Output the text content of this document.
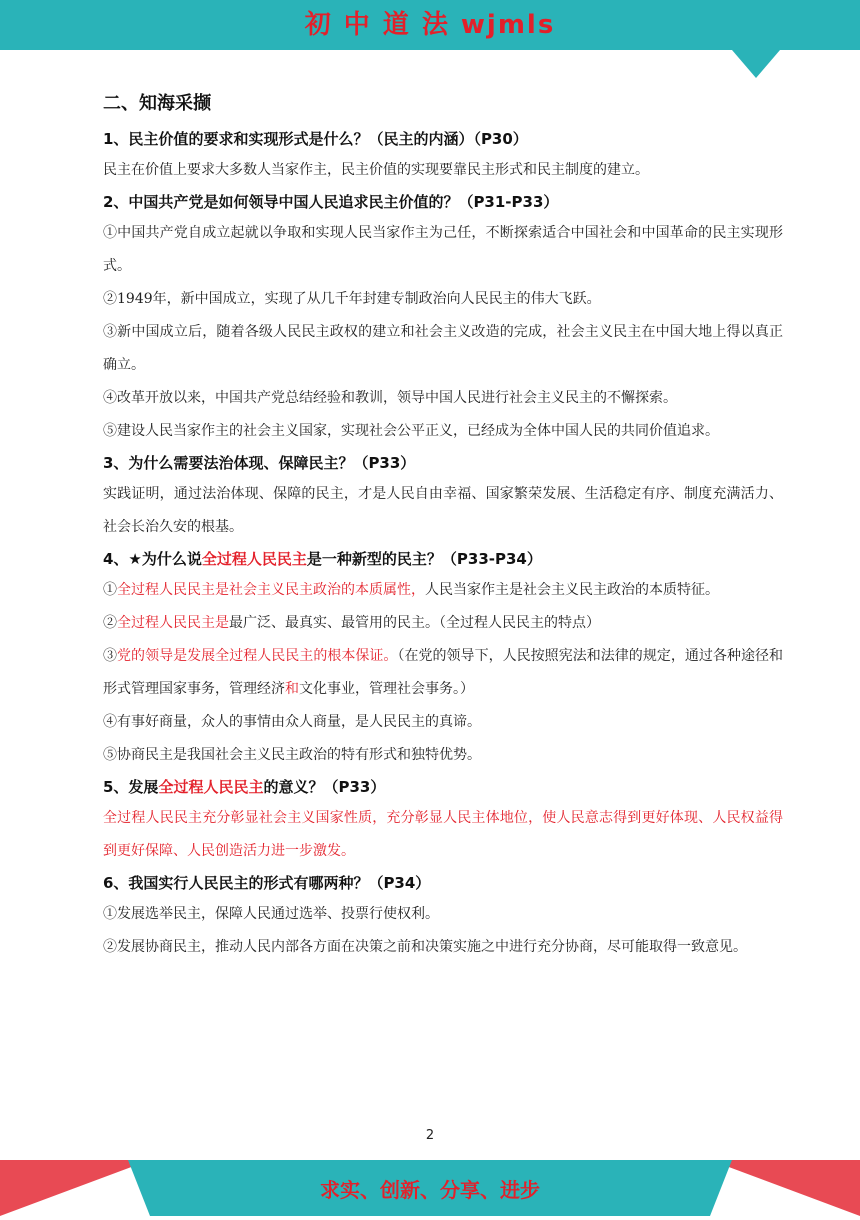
初 中 道 法 wjmls
二、知海采撷

1、民主价值的要求和实现形式是什么？（民主的内涵）（P30）

民主在价值上要求大多数人当家作主，民主价值的实现要靠民主形式和民主制度的建立。

2、中国共产党是如何领导中国人民追求民主价值的？（P31-P33）

①中国共产党自成立起就以争取和实现人民当家作主为己任，不断探索适合中国社会和中国革命的民主实现形式。

②1949年，新中国成立，实现了从几千年封建专制政治向人民民主的伟大飞跃。

③新中国成立后，随着各级人民民主政权的建立和社会主义改造的完成，社会主义民主在中国大地上得以真正确立。

④改革开放以来，中国共产党总结经验和教训，领导中国人民进行社会主义民主的不懈探索。

⑤建设人民当家作主的社会主义国家，实现社会公平正义，已经成为全体中国人民的共同价值追求。

3、为什么需要法治体现、保障民主？（P33）

实践证明，通过法治体现、保障的民主，才是人民自由幸福、国家繁荣发展、生活稳定有序、制度充满活力、社会长治久安的根基。

4、★为什么说全过程人民民主是一种新型的民主？（P33-P34）

①全过程人民民主是社会主义民主政治的本质属性，人民当家作主是社会主义民主政治的本质特征。

②全过程人民民主是最广泛、最真实、最管用的民主。（全过程人民民主的特点）

③党的领导是发展全过程人民民主的根本保证。（在党的领导下，人民按照宪法和法律的规定，通过各种途径和形式管理国家事务，管理经济和文化事业，管理社会事务。）

④有事好商量，众人的事情由众人商量，是人民民主的真谛。

⑤协商民主是我国社会主义民主政治的特有形式和独特优势。

5、发展全过程人民民主的意义？（P33）

全过程人民民主充分彰显社会主义国家性质，充分彰显人民主体地位，使人民意志得到更好体现、人民权益得到更好保障、人民创造活力进一步激发。

6、我国实行人民民主的形式有哪两种？（P34）

①发展选举民主，保障人民通过选举、投票行使权利。

②发展协商民主，推动人民内部各方面在决策之前和决策实施之中进行充分协商，尽可能取得一致意见。

2
求实、创新、分享、进步
